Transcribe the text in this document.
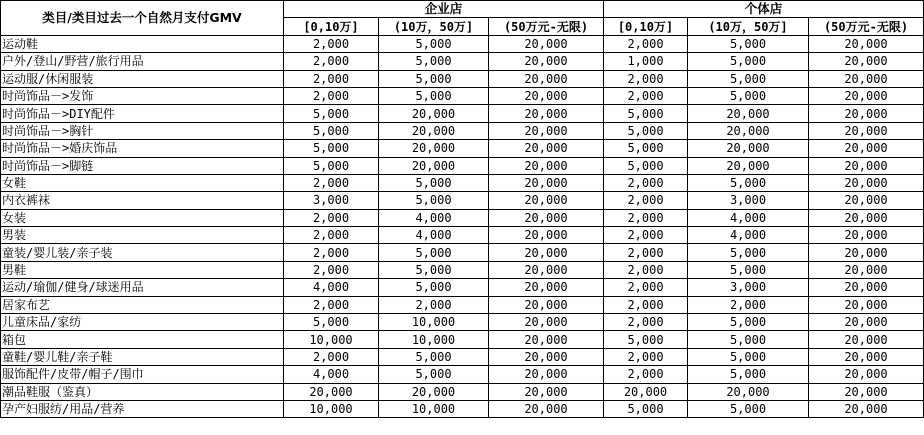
类目/类目过去一个自然月支付GMV	企业店			个体店		
	[0,10万]	(10万，50万]	(50万元-无限)	[0,10万]	(10万，50万]	(50万元-无限)
运动鞋	2,000	5,000	20,000	2,000	5,000	20,000
户外/登山/野营/旅行用品	2,000	5,000	20,000	1,000	5,000	20,000
运动服/休闲服装	2,000	5,000	20,000	2,000	5,000	20,000
时尚饰品－>发饰	2,000	5,000	20,000	2,000	5,000	20,000
时尚饰品－>DIY配件	5,000	20,000	20,000	5,000	20,000	20,000
时尚饰品－>胸针	5,000	20,000	20,000	5,000	20,000	20,000
时尚饰品－>婚庆饰品	5,000	20,000	20,000	5,000	20,000	20,000
时尚饰品－>脚链	5,000	20,000	20,000	5,000	20,000	20,000
女鞋	2,000	5,000	20,000	2,000	5,000	20,000
内衣裤袜	3,000	5,000	20,000	2,000	3,000	20,000
女装	2,000	4,000	20,000	2,000	4,000	20,000
男装	2,000	4,000	20,000	2,000	4,000	20,000
童装/婴儿装/亲子装	2,000	5,000	20,000	2,000	5,000	20,000
男鞋	2,000	5,000	20,000	2,000	5,000	20,000
运动/瑜伽/健身/球迷用品	4,000	5,000	20,000	2,000	3,000	20,000
居家布艺	2,000	2,000	20,000	2,000	2,000	20,000
儿童床品/家纺	5,000	10,000	20,000	2,000	5,000	20,000
箱包	10,000	10,000	20,000	5,000	5,000	20,000
童鞋/婴儿鞋/亲子鞋	2,000	5,000	20,000	2,000	5,000	20,000
服饰配件/皮带/帽子/围巾	4,000	5,000	20,000	2,000	5,000	20,000
潮品鞋服（鉴真）	20,000	20,000	20,000	20,000	20,000	20,000
孕产妇服纺/用品/营养	10,000	10,000	20,000	5,000	5,000	20,000
